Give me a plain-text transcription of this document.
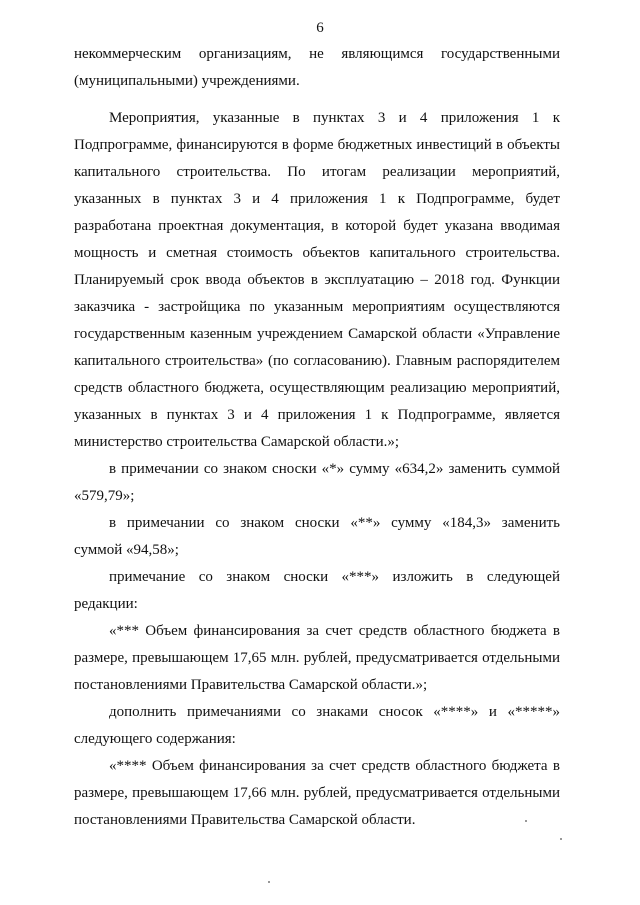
6
некоммерческим организациям, не являющимся государственными
(муниципальными) учреждениями.
Мероприятия, указанные в пунктах 3 и 4 приложения 1 к
Подпрограмме, финансируются в форме бюджетных инвестиций в объекты
капитального строительства. По итогам реализации мероприятий,
указанных в пунктах 3 и 4 приложения 1 к Подпрограмме, будет
разработана проектная документация, в которой будет указана вводимая
мощность и сметная стоимость объектов капитального строительства.
Планируемый срок ввода объектов в эксплуатацию – 2018 год. Функции
заказчика - застройщика по указанным мероприятиям осуществляются
государственным казенным учреждением Самарской области «Управление
капитального строительства» (по согласованию). Главным распорядителем
средств областного бюджета, осуществляющим реализацию мероприятий,
указанных в пунктах 3 и 4 приложения 1 к Подпрограмме, является
министерство строительства Самарской области.»;
в примечании со знаком сноски «*» сумму «634,2» заменить суммой
«579,79»;
в примечании со знаком сноски «**» сумму «184,3» заменить
суммой «94,58»;
примечание со знаком сноски «***» изложить в следующей
редакции:
«*** Объем финансирования за счет средств областного бюджета в
размере, превышающем 17,65 млн. рублей, предусматривается отдельными
постановлениями Правительства Самарской области.»;
дополнить примечаниями со знаками сносок «****» и «*****»
следующего содержания:
«**** Объем финансирования за счет средств областного бюджета в
размере, превышающем 17,66 млн. рублей, предусматривается отдельными
постановлениями Правительства Самарской области.
